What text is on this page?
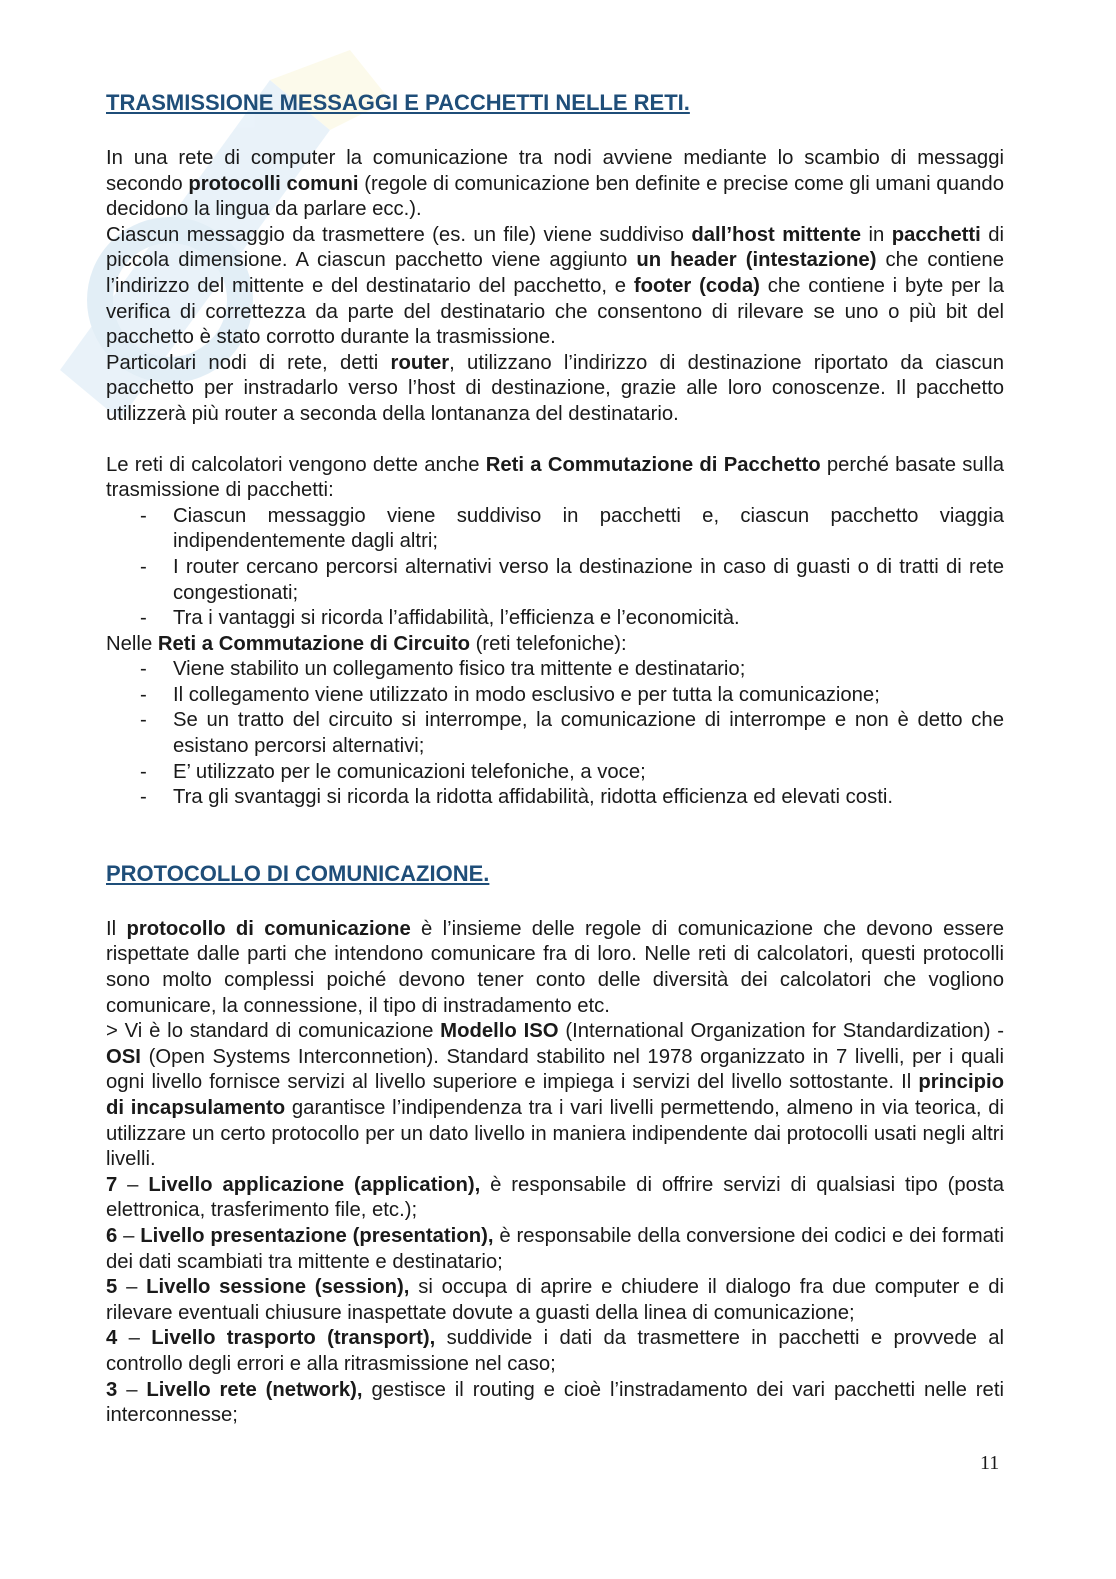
TRASMISSIONE MESSAGGI E PACCHETTI NELLE RETI.

In una rete di computer la comunicazione tra nodi avviene mediante lo scambio di messaggi secondo protocolli comuni (regole di comunicazione ben definite e precise come gli umani quando decidono la lingua da parlare ecc.).

Ciascun messaggio da trasmettere (es. un file) viene suddiviso dall’host mittente in pacchetti di piccola dimensione. A ciascun pacchetto viene aggiunto un header (intestazione) che contiene l’indirizzo del mittente e del destinatario del pacchetto, e footer (coda) che contiene i byte per la verifica di correttezza da parte del destinatario che consentono di rilevare se uno o più bit del pacchetto è stato corrotto durante la trasmissione.

Particolari nodi di rete, detti router, utilizzano l’indirizzo di destinazione riportato da ciascun pacchetto per instradarlo verso l’host di destinazione, grazie alle loro conoscenze. Il pacchetto utilizzerà più router a seconda della lontananza del destinatario.

Le reti di calcolatori vengono dette anche Reti a Commutazione di Pacchetto perché basate sulla trasmissione di pacchetti:

- Ciascun messaggio viene suddiviso in pacchetti e, ciascun pacchetto viaggia indipendentemente dagli altri;
- I router cercano percorsi alternativi verso la destinazione in caso di guasti o di tratti di rete congestionati;
- Tra i vantaggi si ricorda l’affidabilità, l’efficienza e l’economicità.

Nelle Reti a Commutazione di Circuito (reti telefoniche):

- Viene stabilito un collegamento fisico tra mittente e destinatario;
- Il collegamento viene utilizzato in modo esclusivo e per tutta la comunicazione;
- Se un tratto del circuito si interrompe, la comunicazione di interrompe e non è detto che esistano percorsi alternativi;
- E’ utilizzato per le comunicazioni telefoniche, a voce;
- Tra gli svantaggi si ricorda la ridotta affidabilità, ridotta efficienza ed elevati costi.
PROTOCOLLO DI COMUNICAZIONE.

Il protocollo di comunicazione è l’insieme delle regole di comunicazione che devono essere rispettate dalle parti che intendono comunicare fra di loro. Nelle reti di calcolatori, questi protocolli sono molto complessi poiché devono tener conto delle diversità dei calcolatori che vogliono comunicare, la connessione, il tipo di instradamento etc.

> Vi è lo standard di comunicazione Modello ISO (International Organization for Standardization) - OSI (Open Systems Interconnetion). Standard stabilito nel 1978 organizzato in 7 livelli, per i quali ogni livello fornisce servizi al livello superiore e impiega i servizi del livello sottostante. Il principio di incapsulamento garantisce l’indipendenza tra i vari livelli permettendo, almeno in via teorica, di utilizzare un certo protocollo per un dato livello in maniera indipendente dai protocolli usati negli altri livelli.

7 – Livello applicazione (application), è responsabile di offrire servizi di qualsiasi tipo (posta elettronica, trasferimento file, etc.);

6 – Livello presentazione (presentation), è responsabile della conversione dei codici e dei formati dei dati scambiati tra mittente e destinatario;

5 – Livello sessione (session), si occupa di aprire e chiudere il dialogo fra due computer e di rilevare eventuali chiusure inaspettate dovute a guasti della linea di comunicazione;

4 – Livello trasporto (transport), suddivide i dati da trasmettere in pacchetti e provvede al controllo degli errori e alla ritrasmissione nel caso;

3 – Livello rete (network), gestisce il routing e cioè l’instradamento dei vari pacchetti nelle reti interconnesse;

11
